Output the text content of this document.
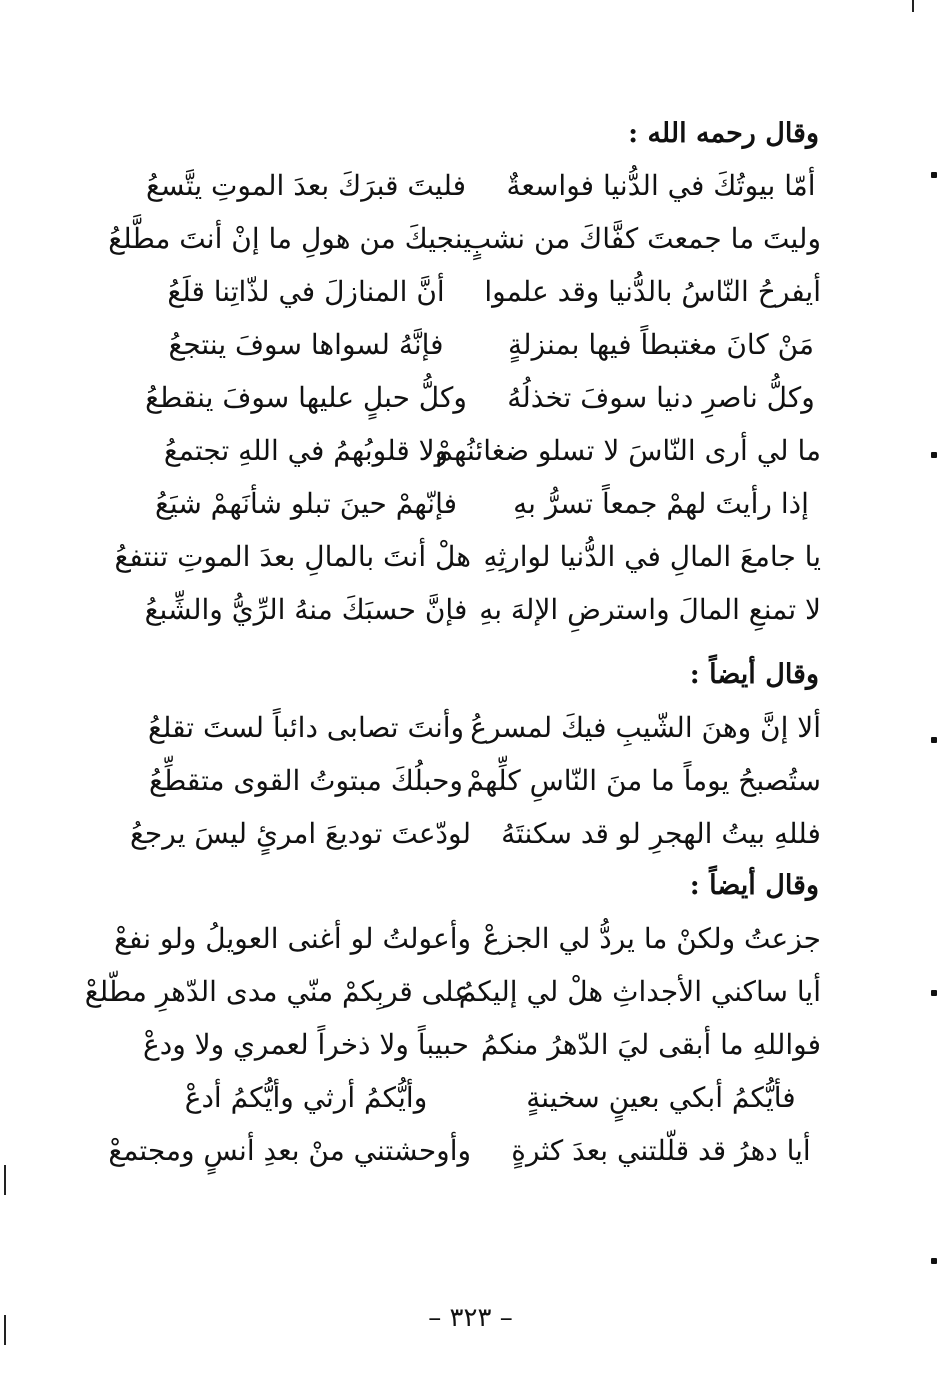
وقال رحمه الله :
أمّا بيوتُكَ في الدُّنيا فواسعةٌ
فليتَ قبرَكَ بعدَ الموتِ يتَّسعُ
وليتَ ما جمعتَ كفَّاكَ من نشبٍ
ينجيكَ من هولِ ما إنْ أنتَ مطَّلعُ
أيفرحُ النّاسُ بالدُّنيا وقد علموا
أنَّ المنازلَ في لذّاتِنا قلَعُ
مَنْ كانَ مغتبطاً فيها بمنزلةٍ
فإنَّهُ لسواها سوفَ ينتجعُ
وكلُّ ناصرِ دنيا سوفَ تخذلُهُ
وكلُّ حبلٍ عليها سوفَ ينقطعُ
ما لي أرى النّاسَ لا تسلو ضغائنُهمْ
ولا قلوبُهمُ في اللهِ تجتمعُ
إذا رأيتَ لهمْ جمعاً تسرُّ بهِ
فإنّهمْ حينَ تبلو شأنَهمْ شيَعُ
يا جامعَ المالِ في الدُّنيا لوارثِهِ
هلْ أنتَ بالمالِ بعدَ الموتِ تنتفعُ
لا تمنعِ المالَ واسترضِ الإلهَ بهِ
فإنَّ حسبَكَ منهُ الرِّيُّ والشِّبعُ
وقال أيضاً :
ألا إنَّ وهنَ الشّيبِ فيكَ لمسرعُ
وأنتَ تصابى دائباً لستَ تقلعُ
ستُصبحُ يوماً ما منَ النّاسِ كلِّهمْ
وحبلُكَ مبتوتُ القوى متقطِّعُ
فللهِ بيتُ الهجرِ لو قد سكنتَهُ
لودّعتَ توديعَ امرئٍ ليسَ يرجعُ
وقال أيضاً :
جزعتُ ولكنْ ما يردُّ لي الجزعْ
وأعولتُ لو أغنى العويلُ ولو نفعْ
أيا ساكني الأجداثِ هلْ لي إليكمُ
على قربِكمْ منّي مدى الدّهرِ مطّلعْ
فواللهِ ما أبقى ليَ الدّهرُ منكمُ
حبيباً ولا ذخراً لعمري ولا ودعْ
فأيُّكمُ أبكي بعينٍ سخينةٍ
وأيُّكمُ أرثي وأيُّكمُ أدعْ
أيا دهرُ قد قلّلتني بعدَ كثرةٍ
وأوحشتني منْ بعدِ أنسٍ ومجتمعْ
– ٣٢٣ –
